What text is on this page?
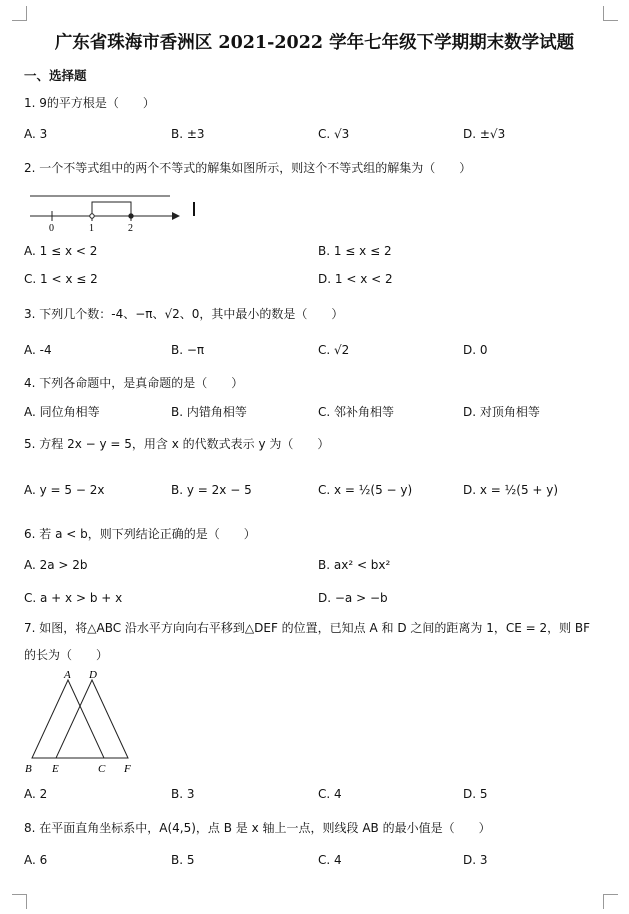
广东省珠海市香洲区 2021-2022 学年七年级下学期期末数学试题
一、选择题
1. 9的平方根是（　　）
A. 3	B. ±3	C. √3	D. ±√3
2. 一个不等式组中的两个不等式的解集如图所示，则这个不等式组的解集为（　　）
0	1	2
A. 1 ≤ x < 2	B. 1 ≤ x ≤ 2
C. 1 < x ≤ 2	D. 1 < x < 2
3. 下列几个数：-4、−π、√2、0，其中最小的数是（　　）
A. -4	B. −π	C. √2	D. 0
4. 下列各命题中，是真命题的是（　　）
A. 同位角相等	B. 内错角相等	C. 邻补角相等	D. 对顶角相等
5. 方程 2x − y = 5，用含 x 的代数式表示 y 为（　　）
A. y = 5 − 2x	B. y = 2x − 5	C. x = ½(5 − y)	D. x = ½(5 + y)
6. 若 a < b，则下列结论正确的是（　　）
A. 2a > 2b	B. ax² < bx²
C. a + x > b + x	D. −a > −b
7. 如图，将△ABC 沿水平方向向右平移到△DEF 的位置，已知点 A 和 D 之间的距离为 1，CE = 2，则 BF
的长为（　　）
A D
B E	C F
A. 2	B. 3	C. 4	D. 5
8. 在平面直角坐标系中，A(4,5)，点 B 是 x 轴上一点，则线段 AB 的最小值是（　　）
A. 6	B. 5	C. 4	D. 3
